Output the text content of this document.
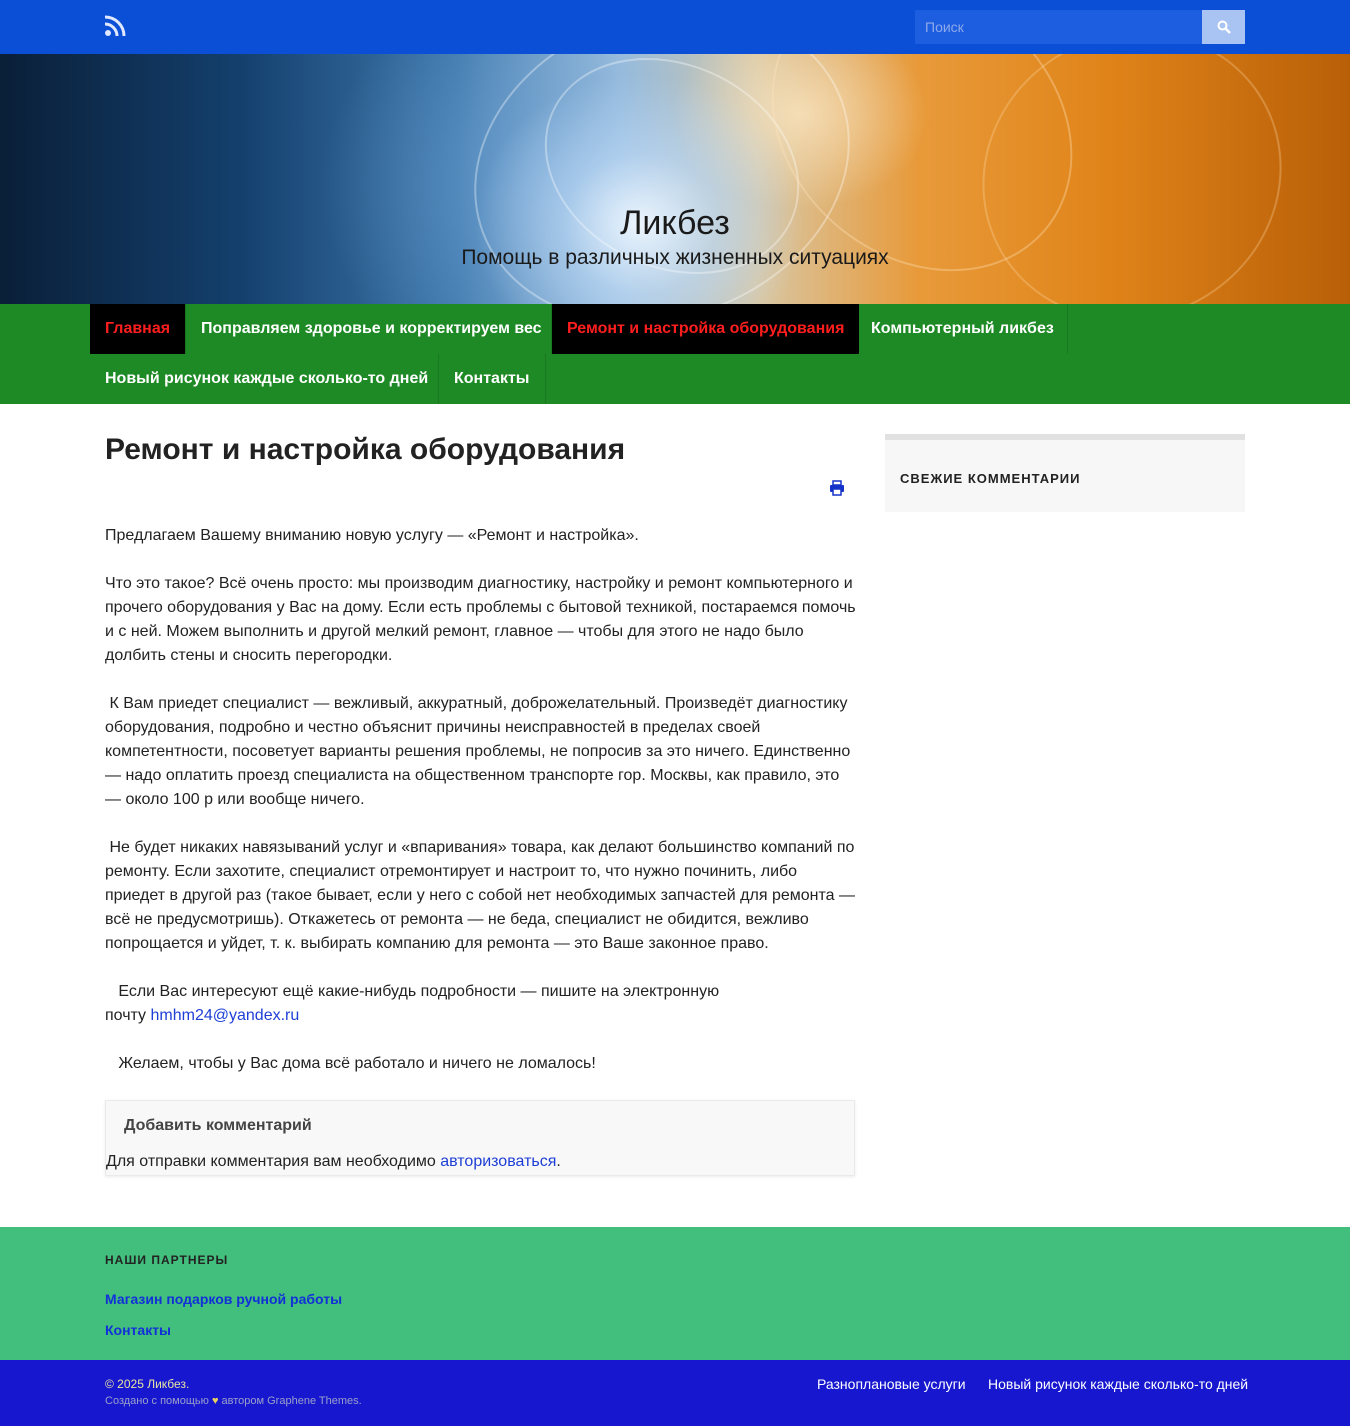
Поиск
Ликбез
Помощь в различных жизненных ситуациях
Главная	Поправляем здоровье и корректируем вес	Ремонт и настройка оборудования	Компьютерный ликбез
Новый рисунок каждые сколько-то дней	Контакты
Ремонт и настройка оборудования

Предлагаем Вашему вниманию новую услугу — «Ремонт и настройка».

Что это такое? Всё очень просто: мы производим диагностику, настройку и ремонт компьютерного и прочего оборудования у Вас на дому. Если есть проблемы с бытовой техникой, постараемся помочь и с ней. Можем выполнить и другой мелкий ремонт, главное — чтобы для этого не надо было долбить стены и сносить перегородки.

К Вам приедет специалист — вежливый, аккуратный, доброжелательный. Произведёт диагностику оборудования, подробно и честно объяснит причины неисправностей в пределах своей компетентности, посоветует варианты решения проблемы, не попросив за это ничего. Единственно — надо оплатить проезд специалиста на общественном транспорте гор. Москвы, как правило, это — около 100 р или вообще ничего.

Не будет никаких навязываний услуг и «впаривания» товара, как делают большинство компаний по ремонту. Если захотите, специалист отремонтирует и настроит то, что нужно починить, либо приедет в другой раз (такое бывает, если у него с собой нет необходимых запчастей для ремонта — всё не предусмотришь). Откажетесь от ремонта — не беда, специалист не обидится, вежливо попрощается и уйдет, т. к. выбирать компанию для ремонта — это Ваше законное право.

Если Вас интересуют ещё какие-нибудь подробности — пишите на электронную
почту hmhm24@yandex.ru

Желаем, чтобы у Вас дома всё работало и ничего не ломалось!

Добавить комментарий
Для отправки комментария вам необходимо авторизоваться.
СВЕЖИЕ КОММЕНТАРИИ
НАШИ ПАРТНЕРЫ
Магазин подарков ручной работы
Контакты
© 2025 Ликбез.
Создано с помощью ♥ автором Graphene Themes.
Разноплановые услуги Новый рисунок каждые сколько-то дней
